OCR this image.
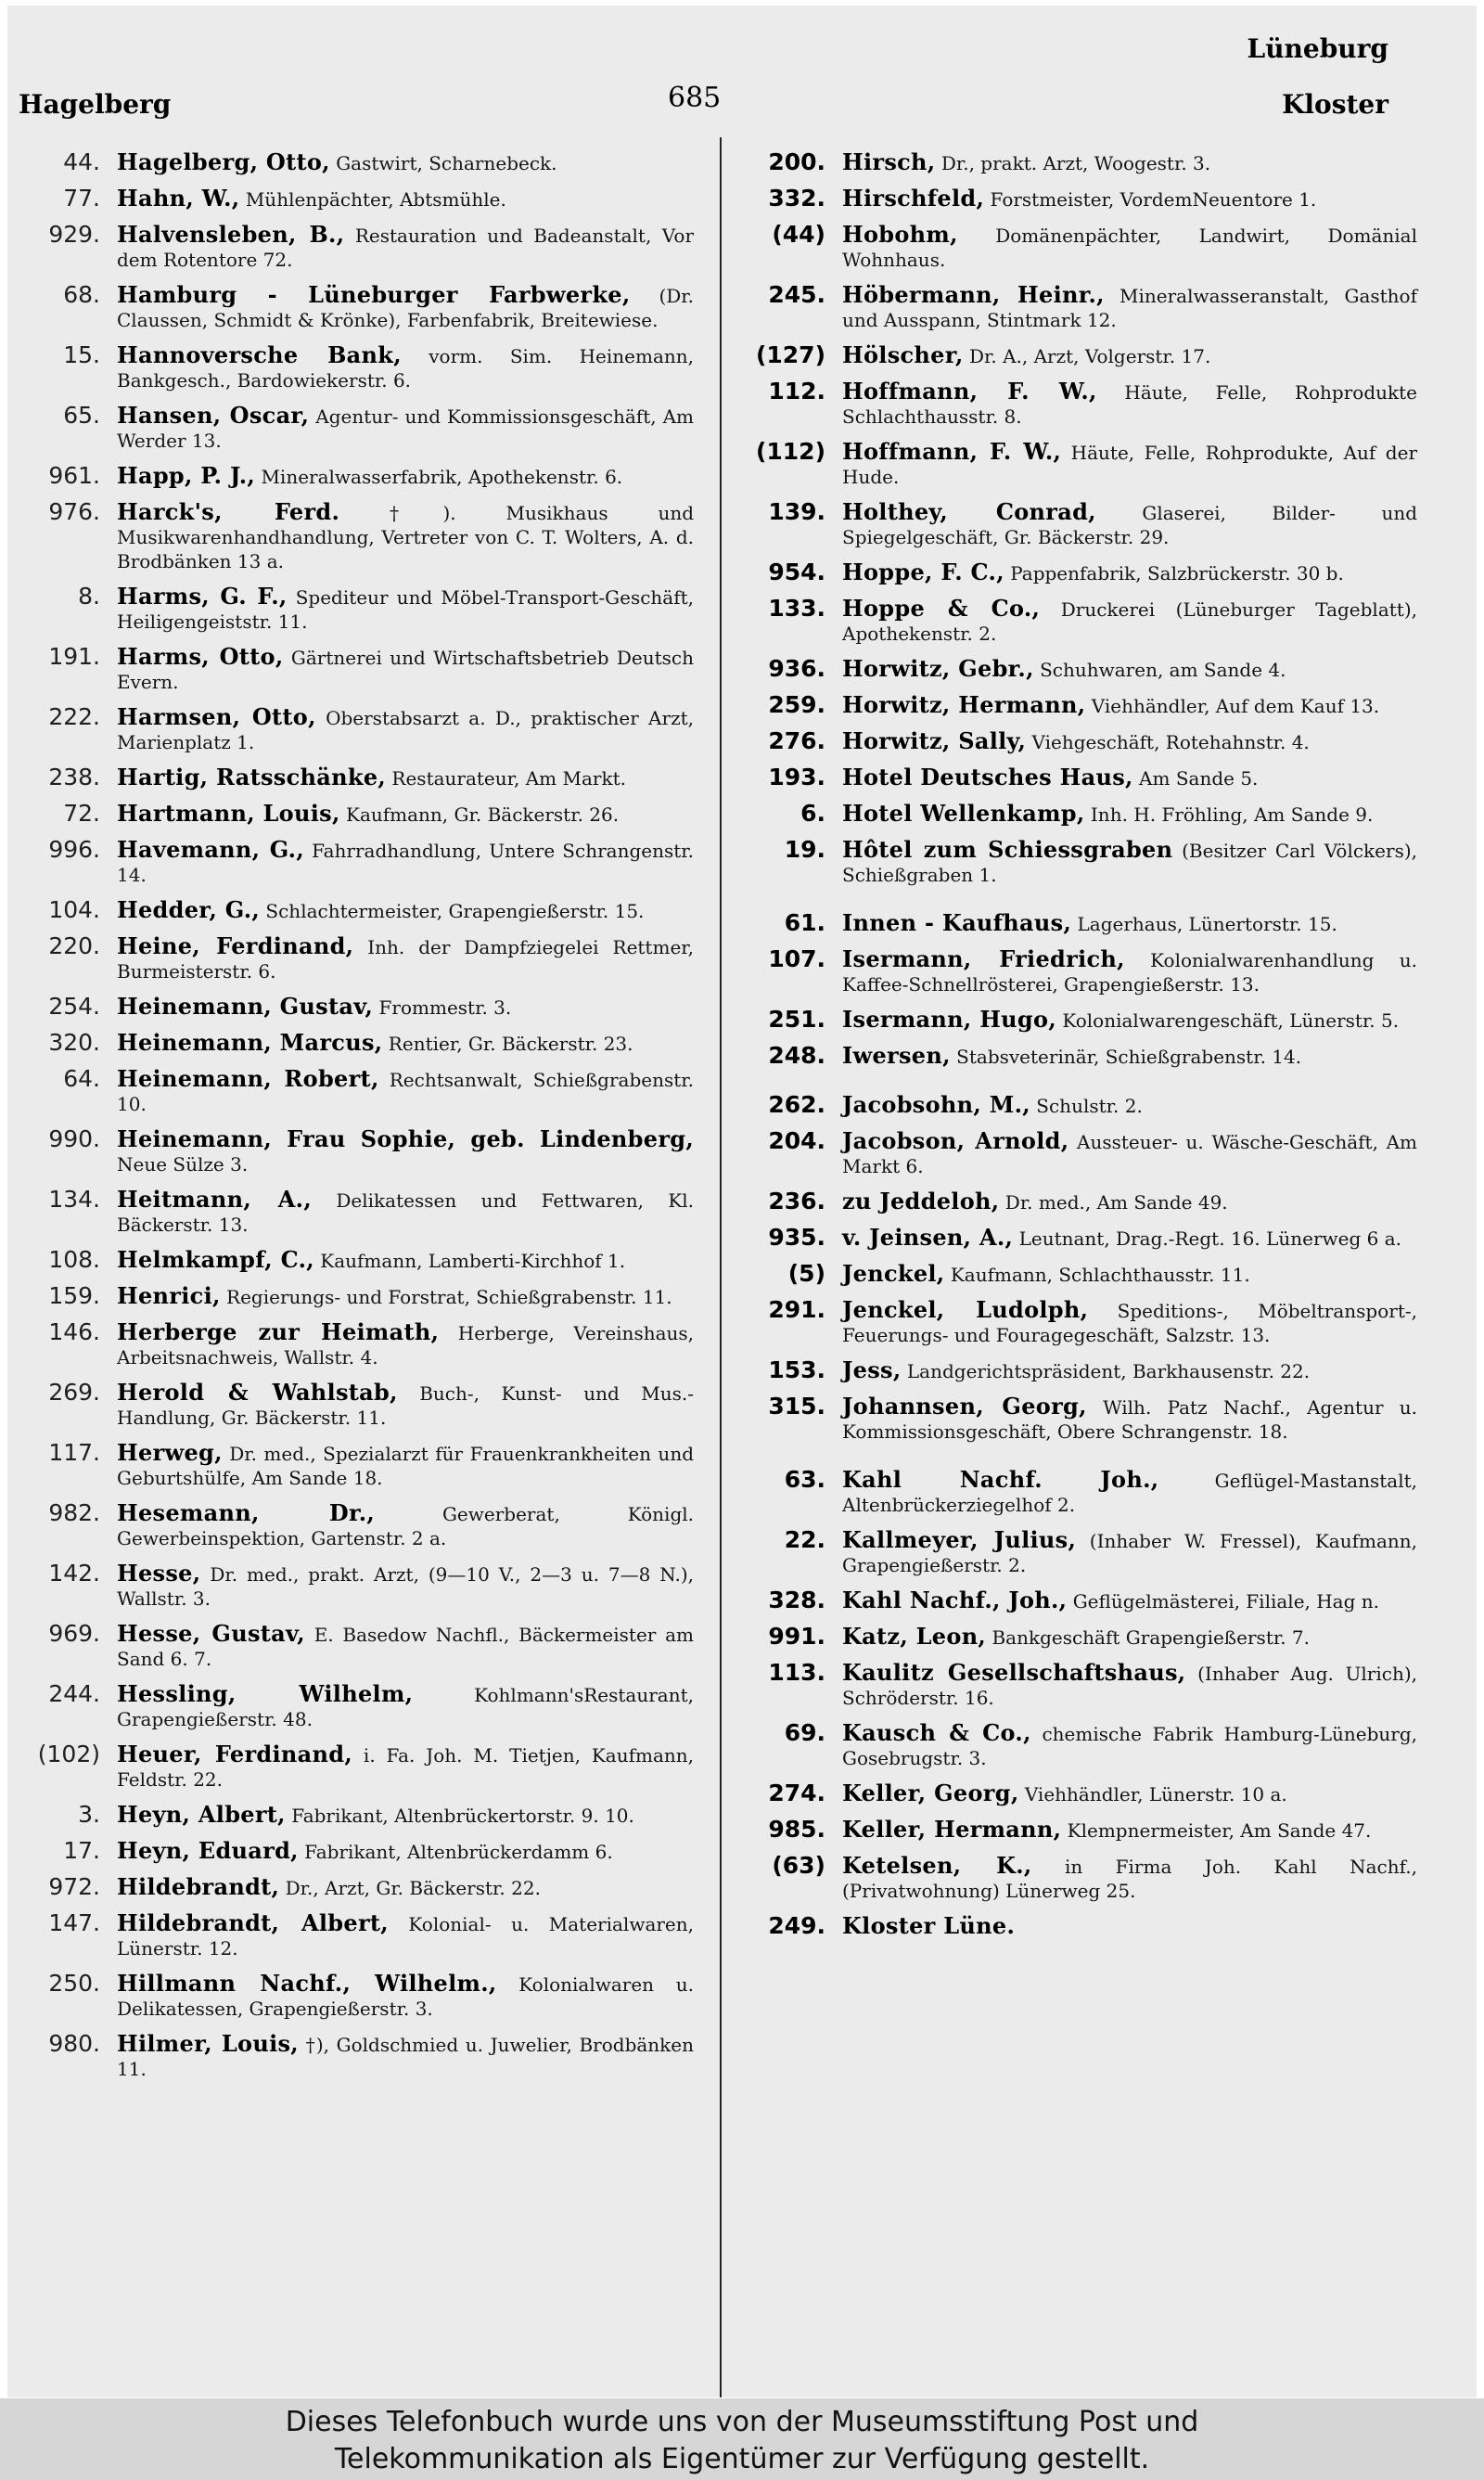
Hagelberg	685
Lüneburg
Kloster
44. Hagelberg, Otto, Gastwirt, Scharnebeck.
77. Hahn, W., Mühlenpächter, Abtsmühle.
929. Halvensleben, B., Restauration und Badeanstalt, Vor dem Rotentore 72.
68. Hamburg - Lüneburger Farbwerke, (Dr. Claussen, Schmidt & Krönke), Farbenfabrik, Breitewiese.
15. Hannoversche Bank, vorm. Sim. Heinemann, Bankgesch., Bardowiekerstr. 6.
65. Hansen, Oscar, Agentur- und Kommissionsgeschäft, Am Werder 13.
961. Happ, P. J., Mineralwasserfabrik, Apothekenstr. 6.
976. Harck's, Ferd.	†). Musikhaus und Musikwarenhandhandlung, Vertreter von C. T. Wolters, A. d. Brodbänken 13 a.
8. Harms, G. F., Spediteur und Möbel-Transport-Geschäft, Heiligengeiststr. 11.
191. Harms, Otto, Gärtnerei und Wirtschaftsbetrieb Deutsch Evern.
222. Harmsen, Otto, Oberstabsarzt a. D., praktischer Arzt, Marienplatz 1.
238. Hartig, Ratsschänke, Restaurateur, Am Markt.
72. Hartmann, Louis, Kaufmann, Gr. Bäckerstr. 26.
996. Havemann, G., Fahrradhandlung, Untere Schrangenstr. 14.
104. Hedder, G., Schlachtermeister, Grapengießerstr. 15.
220. Heine, Ferdinand, Inh. der Dampfziegelei Rettmer, Burmeisterstr. 6.
254. Heinemann, Gustav, Frommestr. 3.
320. Heinemann, Marcus, Rentier, Gr. Bäckerstr. 23.
64. Heinemann, Robert, Rechtsanwalt, Schießgrabenstr. 10.
990. Heinemann, Frau Sophie, geb. Lindenberg, Neue Sülze 3.
134. Heitmann, A., Delikatessen und Fettwaren, Kl. Bäckerstr. 13.
108. Helmkampf, C., Kaufmann, Lamberti-Kirchhof 1.
159. Henrici, Regierungs- und Forstrat, Schießgrabenstr. 11.
146. Herberge zur Heimath, Herberge, Vereinshaus, Arbeitsnachweis, Wallstr. 4.
269. Herold & Wahlstab, Buch-, Kunst- und Mus.-Handlung, Gr. Bäckerstr. 11.
117. Herweg, Dr. med., Spezialarzt für Frauenkrankheiten und Geburtshülfe, Am Sande 18.
982. Hesemann, Dr.,	Gewerberat, Königl. Gewerbeinspektion, Gartenstr. 2 a.
142. Hesse, Dr. med., prakt. Arzt, (9—10 V., 2—3 u. 7—8 N.), Wallstr. 3.
969. Hesse, Gustav, E. Basedow Nachfl., Bäckermeister am Sand 6. 7.
244. Hessling, Wilhelm,	Kohlmann'sRestaurant, Grapengießerstr. 48.
(102) Heuer, Ferdinand, i. Fa. Joh. M. Tietjen, Kaufmann, Feldstr. 22.
3. Heyn, Albert, Fabrikant, Altenbrückertorstr. 9. 10.
17. Heyn, Eduard, Fabrikant, Altenbrückerdamm 6.
972. Hildebrandt, Dr., Arzt, Gr. Bäckerstr. 22.
147. Hildebrandt, Albert, Kolonial- u. Materialwaren, Lünerstr. 12.
250. Hillmann Nachf., Wilhelm., Kolonialwaren u. Delikatessen, Grapengießerstr. 3.
980. Hilmer, Louis, †), Goldschmied u. Juwelier, Brodbänken 11.
200. Hirsch, Dr., prakt. Arzt, Woogestr. 3.
332. Hirschfeld, Forstmeister, VordemNeuentore 1.
(44) Hobohm, Domänenpächter, Landwirt, Domänial Wohnhaus.
245. Höbermann, Heinr., Mineralwasseranstalt, Gasthof und Ausspann, Stintmark 12.
(127) Hölscher, Dr. A., Arzt, Volgerstr. 17.
112. Hoffmann, F. W., Häute, Felle, Rohprodukte Schlachthausstr. 8.
(112) Hoffmann, F. W., Häute, Felle, Rohprodukte, Auf der Hude.
139. Holthey, Conrad, Glaserei, Bilder- und Spiegelgeschäft, Gr. Bäckerstr. 29.
954. Hoppe, F. C., Pappenfabrik, Salzbrückerstr. 30 b.
133. Hoppe & Co., Druckerei (Lüneburger Tageblatt), Apothekenstr. 2.
936. Horwitz, Gebr., Schuhwaren, am Sande 4.
259. Horwitz, Hermann, Viehhändler, Auf dem Kauf 13.
276. Horwitz, Sally, Viehgeschäft, Rotehahnstr. 4.
193. Hotel Deutsches Haus, Am Sande 5.
6. Hotel Wellenkamp, Inh. H. Fröhling, Am Sande 9.
19. Hôtel zum Schiessgraben (Besitzer Carl Völckers), Schießgraben 1.
61. Innen - Kaufhaus, Lagerhaus, Lünertorstr. 15.
107. Isermann, Friedrich, Kolonialwarenhandlung u. Kaffee-Schnellrösterei, Grapengießerstr. 13.
251. Isermann, Hugo, Kolonialwarengeschäft, Lünerstr. 5.
248. Iwersen, Stabsveterinär, Schießgrabenstr. 14.
262. Jacobsohn, M., Schulstr. 2.
204. Jacobson, Arnold, Aussteuer- u. Wäsche-Geschäft, Am Markt 6.
236. zu Jeddeloh, Dr. med., Am Sande 49.
935. v. Jeinsen, A., Leutnant, Drag.-Regt. 16. Lünerweg 6 a.
(5) Jenckel, Kaufmann, Schlachthausstr. 11.
291. Jenckel, Ludolph, Speditions-, Möbeltransport-, Feuerungs- und Fouragegeschäft, Salzstr. 13.
153. Jess, Landgerichtspräsident, Barkhausenstr. 22.
315. Johannsen, Georg, Wilh. Patz Nachf., Agentur u. Kommissionsgeschäft, Obere Schrangenstr. 18.
63. Kahl Nachf. Joh.,	Geflügel-Mastanstalt, Altenbrückerziegelhof 2.
22. Kallmeyer, Julius, (Inhaber W. Fressel), Kaufmann, Grapengießerstr. 2.
328. Kahl Nachf., Joh., Geflügelmästerei, Filiale, Hag n.
991. Katz, Leon, Bankgeschäft Grapengießerstr. 7.
113. Kaulitz Gesellschaftshaus, (Inhaber Aug. Ulrich), Schröderstr. 16.
69. Kausch & Co., chemische Fabrik Hamburg-Lüneburg, Gosebrugstr. 3.
274. Keller, Georg, Viehhändler, Lünerstr. 10 a.
985. Keller, Hermann, Klempnermeister, Am Sande 47.
(63) Ketelsen, K., in Firma Joh. Kahl Nachf., (Privatwohnung) Lünerweg 25.
249. Kloster Lüne.
Dieses Telefonbuch wurde uns von der Museumsstiftung Post und
Telekommunikation als Eigentümer zur Verfügung gestellt.
